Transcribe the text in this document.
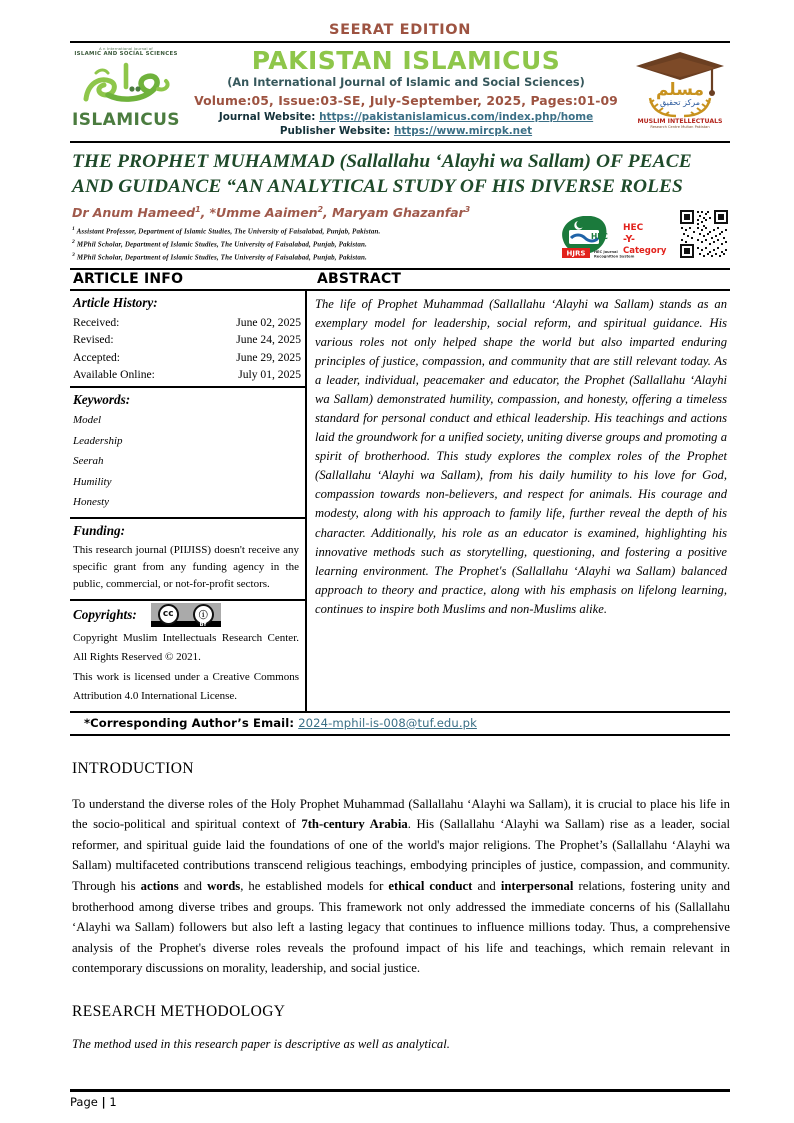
SEERAT EDITION
A n International Journal of
ISLAMIC AND SOCIAL SCIENCES
ISLAMICUS
PAKISTAN ISLAMICUS
(An International Journal of Islamic and Social Sciences)
Volume:05, Issue:03-SE, July-September, 2025, Pages:01-09
Journal Website: https://pakistanislamicus.com/index.php/home
Publisher Website: https://www.mircpk.net
مسلم
مرکز تحقیق
MUSLIM INTELLECTUALS
Research Centre Multan Pakistan
THE PROPHET MUHAMMAD (Sallallahu ‘Alayhi wa Sallam) OF PEACE AND GUIDANCE “AN ANALYTICAL STUDY OF HIS DIVERSE ROLES
Dr Anum Hameed$^1$, *Umme Aaimen$^2$, Maryam Ghazanfar$^3$
$^1$ Assistant Professor, Department of Islamic Studies, The University of Faisalabad, Punjab, Pakistan.
$^2$ MPhil Scholar, Department of Islamic Studies, The University of Faisalabad, Punjab, Pakistan.
$^3$ MPhil Scholar, Department of Islamic Studies, The University of Faisalabad, Punjab, Pakistan.
HEC
HJRS
HEC
-Y-
Category
HEC Journal
Recognition System
ARTICLE INFO	ABSTRACT
Article History:
Received:	June 02, 2025
Revised:	June 24, 2025
Accepted:	June 29, 2025
Available Online:	July 01, 2025
Keywords:
Model
Leadership
Seerah
Humility
Honesty
Funding:
This research journal (PIIJISS) doesn't receive any specific grant from any funding agency in the public, commercial, or not-for-profit sectors.
Copyrights:	cc	ⓘ
BY
Copyright Muslim Intellectuals Research Center. All Rights Reserved © 2021.
This work is licensed under a Creative Commons Attribution 4.0 International License.
The life of Prophet Muhammad (Sallallahu ‘Alayhi wa Sallam) stands as an exemplary model for leadership, social reform, and spiritual guidance. His various roles not only helped shape the world but also imparted enduring principles of justice, compassion, and community that are still relevant today. As a leader, individual, peacemaker and educator, the Prophet (Sallallahu ‘Alayhi wa Sallam) demonstrated humility, compassion, and honesty, offering a timeless standard for personal conduct and ethical leadership. His teachings and actions laid the groundwork for a unified society, uniting diverse groups and promoting a spirit of brotherhood. This study explores the complex roles of the Prophet (Sallallahu ‘Alayhi wa Sallam), from his daily humility to his love for God, compassion towards non-believers, and respect for animals. His courage and modesty, along with his approach to family life, further reveal the depth of his character. Additionally, his role as an educator is examined, highlighting his innovative methods such as storytelling, questioning, and fostering a positive learning environment. The Prophet's (Sallallahu ‘Alayhi wa Sallam) balanced approach to theory and practice, along with his emphasis on lifelong learning, continues to inspire both Muslims and non-Muslims alike.
*Corresponding Author’s Email: 2024-mphil-is-008@tuf.edu.pk
INTRODUCTION

To understand the diverse roles of the Holy Prophet Muhammad (Sallallahu ‘Alayhi wa Sallam), it is crucial to place his life in the socio-political and spiritual context of 7th-century Arabia. His (Sallallahu ‘Alayhi wa Sallam) rise as a leader, social reformer, and spiritual guide laid the foundations of one of the world's major religions. The Prophet’s (Sallallahu ‘Alayhi wa Sallam) multifaceted contributions transcend religious teachings, embodying principles of justice, compassion, and community. Through his actions and words, he established models for ethical conduct and interpersonal relations, fostering unity and brotherhood among diverse tribes and groups. This framework not only addressed the immediate concerns of his (Sallallahu ‘Alayhi wa Sallam) followers but also left a lasting legacy that continues to influence millions today. Thus, a comprehensive analysis of the Prophet's diverse roles reveals the profound impact of his life and teachings, which remain relevant in contemporary discussions on morality, leadership, and social justice.

RESEARCH METHODOLOGY
The method used in this research paper is descriptive as well as analytical.
Page | 1
